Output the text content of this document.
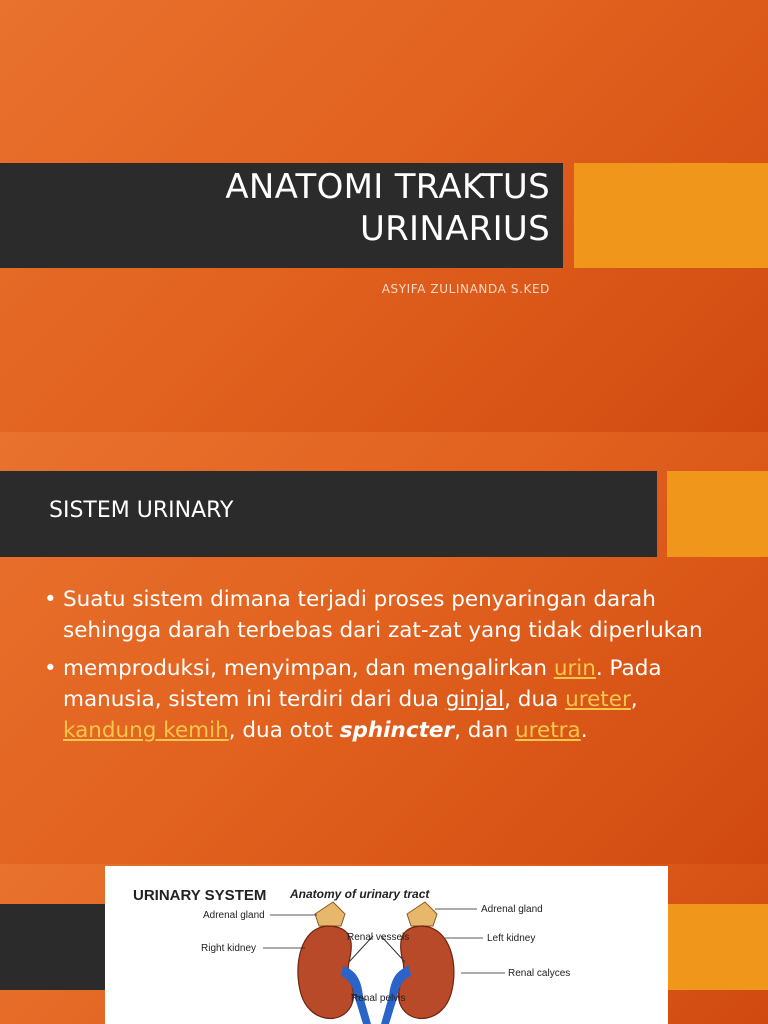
ANATOMI TRAKTUS
URINARIUS
ASYIFA ZULINANDA S.KED
SISTEM URINARY
• Suatu sistem dimana terjadi proses penyaringan darah sehingga darah terbebas dari zat-zat yang tidak diperlukan
• memproduksi, menyimpan, dan mengalirkan urin. Pada manusia, sistem ini terdiri dari dua ginjal, dua ureter, kandung kemih, dua otot sphincter, dan uretra.
URINARY SYSTEM Anatomy of urinary tract
Adrenal gland
Right kidney
Renal vessels
Renal pelvis
Adrenal gland
Left kidney
Renal calyces
